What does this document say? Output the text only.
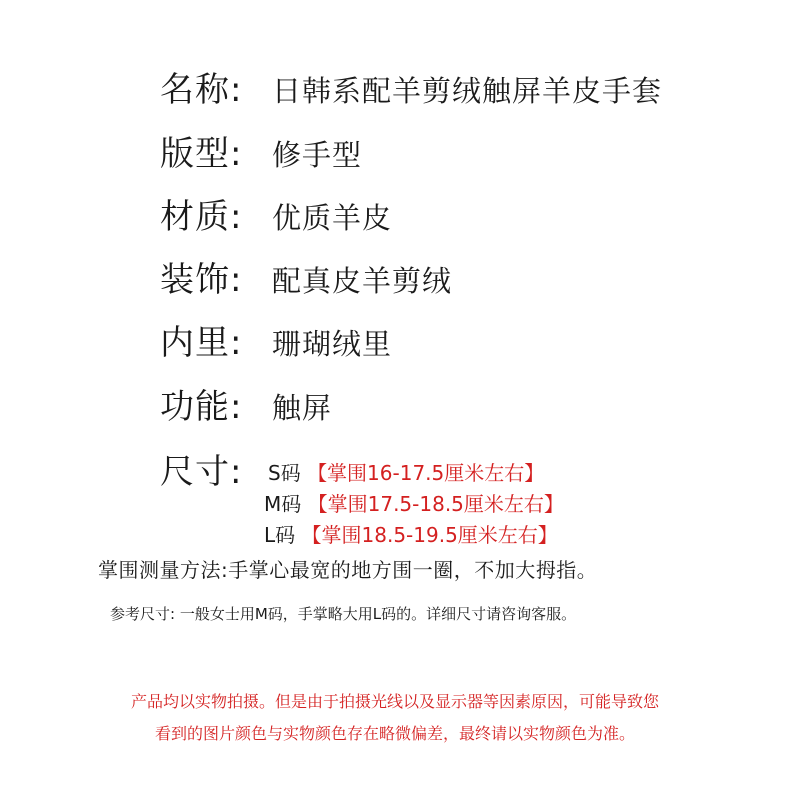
名称: 日韩系配羊剪绒触屏羊皮手套
版型: 修手型
材质: 优质羊皮
装饰: 配真皮羊剪绒
内里: 珊瑚绒里
功能: 触屏
尺寸: S码 【掌围16-17.5厘米左右】
M码 【掌围17.5-18.5厘米左右】
L码 【掌围18.5-19.5厘米左右】
掌围测量方法:手掌心最宽的地方围一圈，不加大拇指。
参考尺寸: 一般女士用M码，手掌略大用L码的。详细尺寸请咨询客服。
产品均以实物拍摄。但是由于拍摄光线以及显示器等因素原因，可能导致您
看到的图片颜色与实物颜色存在略微偏差，最终请以实物颜色为准。
